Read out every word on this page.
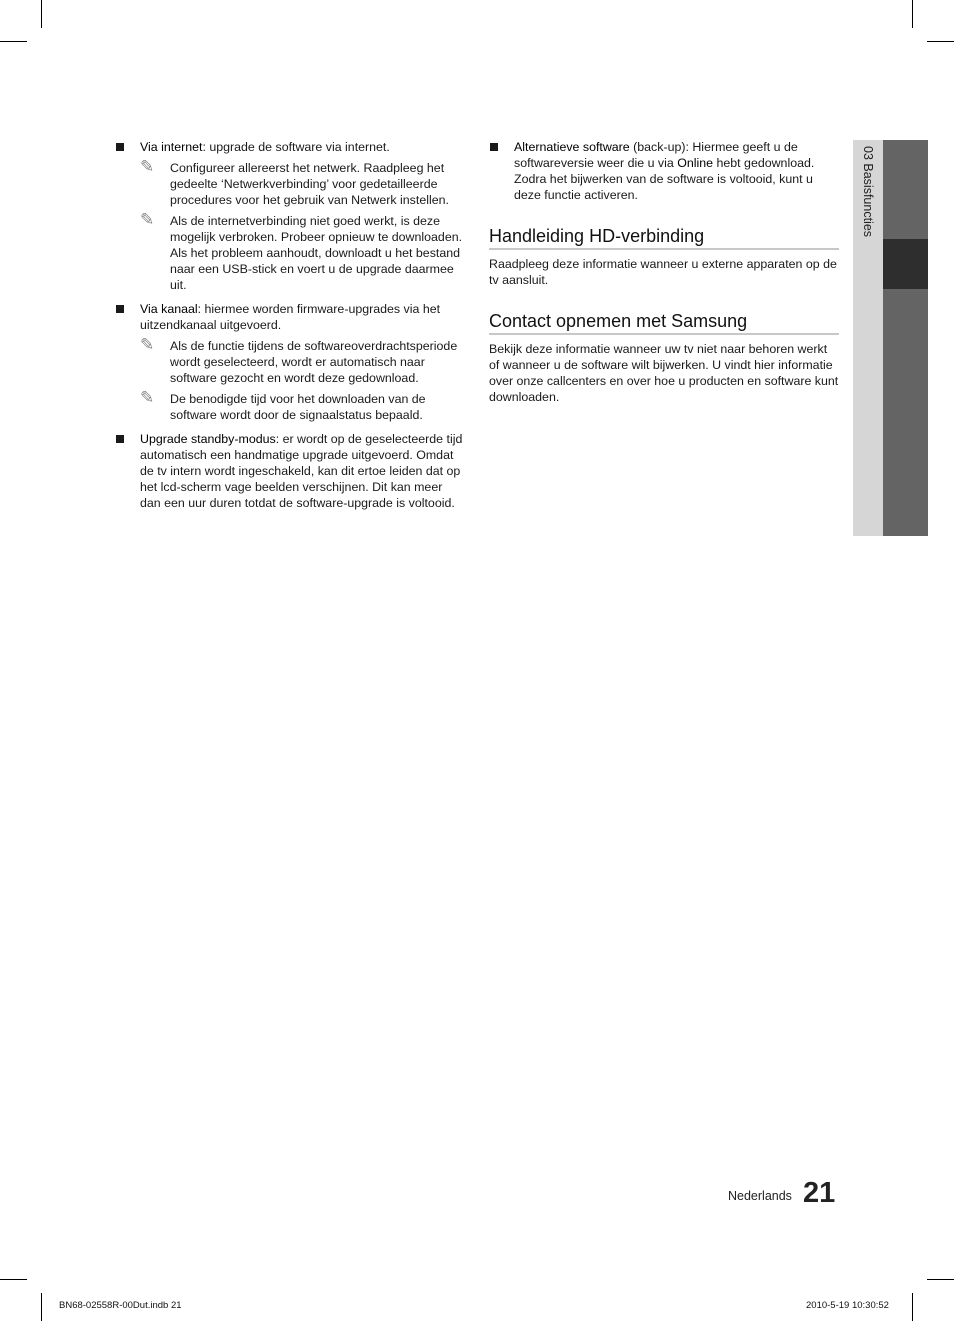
Via internet: upgrade de software via internet.
✎ Configureer allereerst het netwerk. Raadpleeg het gedeelte ‘Netwerkverbinding’ voor gedetailleerde procedures voor het gebruik van Netwerk instellen.
✎ Als de internetverbinding niet goed werkt, is deze mogelijk verbroken. Probeer opnieuw te downloaden. Als het probleem aanhoudt, downloadt u het bestand naar een USB-stick en voert u de upgrade daarmee uit.
Via kanaal: hiermee worden firmware-upgrades via het uitzendkanaal uitgevoerd.
✎ Als de functie tijdens de softwareoverdrachtsperiode wordt geselecteerd, wordt er automatisch naar software gezocht en wordt deze gedownload.
✎ De benodigde tijd voor het downloaden van de software wordt door de signaalstatus bepaald.
Upgrade standby-modus: er wordt op de geselecteerde tijd automatisch een handmatige upgrade uitgevoerd. Omdat de tv intern wordt ingeschakeld, kan dit ertoe leiden dat op het lcd-scherm vage beelden verschijnen. Dit kan meer dan een uur duren totdat de software-upgrade is voltooid.
Alternatieve software (back-up): Hiermee geeft u de softwareversie weer die u via Online hebt gedownload. Zodra het bijwerken van de software is voltooid, kunt u deze functie activeren.
Handleiding HD-verbinding
Raadpleeg deze informatie wanneer u externe apparaten op de tv aansluit.
Contact opnemen met Samsung
Bekijk deze informatie wanneer uw tv niet naar behoren werkt of wanneer u de software wilt bijwerken. U vindt hier informatie over onze callcenters en over hoe u producten en software kunt downloaden.
03 Basisfuncties
Nederlands 21
BN68-02558R-00Dut.indb 21	2010-5-19 10:30:52
